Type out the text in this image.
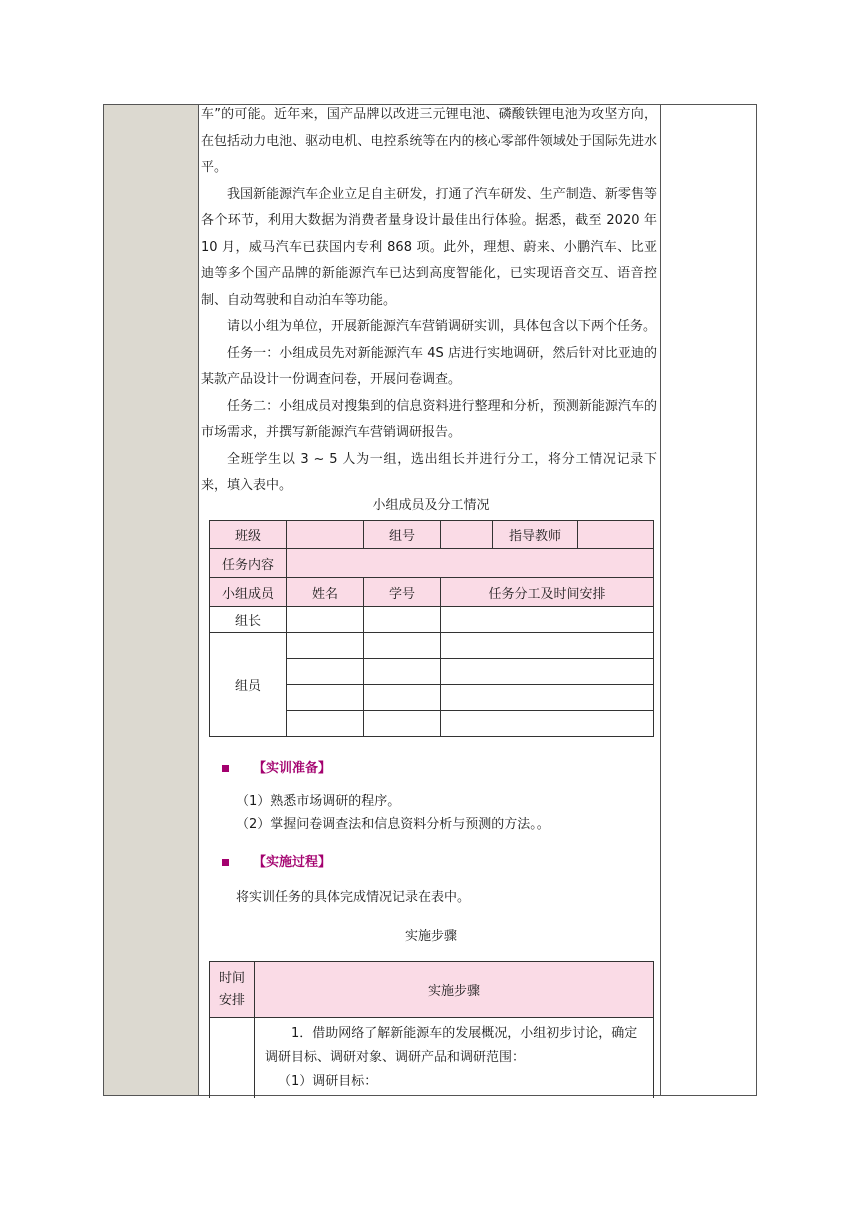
车”的可能。近年来，国产品牌以改进三元锂电池、磷酸铁锂电池为攻坚方向，在包括动力电池、驱动电机、电控系统等在内的核心零部件领域处于国际先进水平。

我国新能源汽车企业立足自主研发，打通了汽车研发、生产制造、新零售等各个环节，利用大数据为消费者量身设计最佳出行体验。据悉，截至 2020 年 10 月，威马汽车已获国内专利 868 项。此外，理想、蔚来、小鹏汽车、比亚迪等多个国产品牌的新能源汽车已达到高度智能化，已实现语音交互、语音控制、自动驾驶和自动泊车等功能。

请以小组为单位，开展新能源汽车营销调研实训，具体包含以下两个任务。

任务一：小组成员先对新能源汽车 4S 店进行实地调研，然后针对比亚迪的某款产品设计一份调查问卷，开展问卷调查。

任务二：小组成员对搜集到的信息资料进行整理和分析，预测新能源汽车的市场需求，并撰写新能源汽车营销调研报告。

全班学生以 3 ~ 5 人为一组，选出组长并进行分工，将分工情况记录下来，填入表中。

小组成员及分工情况
班级		组号		指导教师	
任务内容					
小组成员	姓名	学号	任务分工及时间安排		
组长					
组员					

【实训准备】
（1）熟悉市场调研的程序。
（2）掌握问卷调查法和信息资料分析与预测的方法。。
【实施过程】
将实训任务的具体完成情况记录在表中。
实施步骤
时间安排	实施步骤

	1．借助网络了解新能源车的发展概况，小组初步讨论，确定调研目标、调研对象、调研产品和调研范围：
（1）调研目标：
